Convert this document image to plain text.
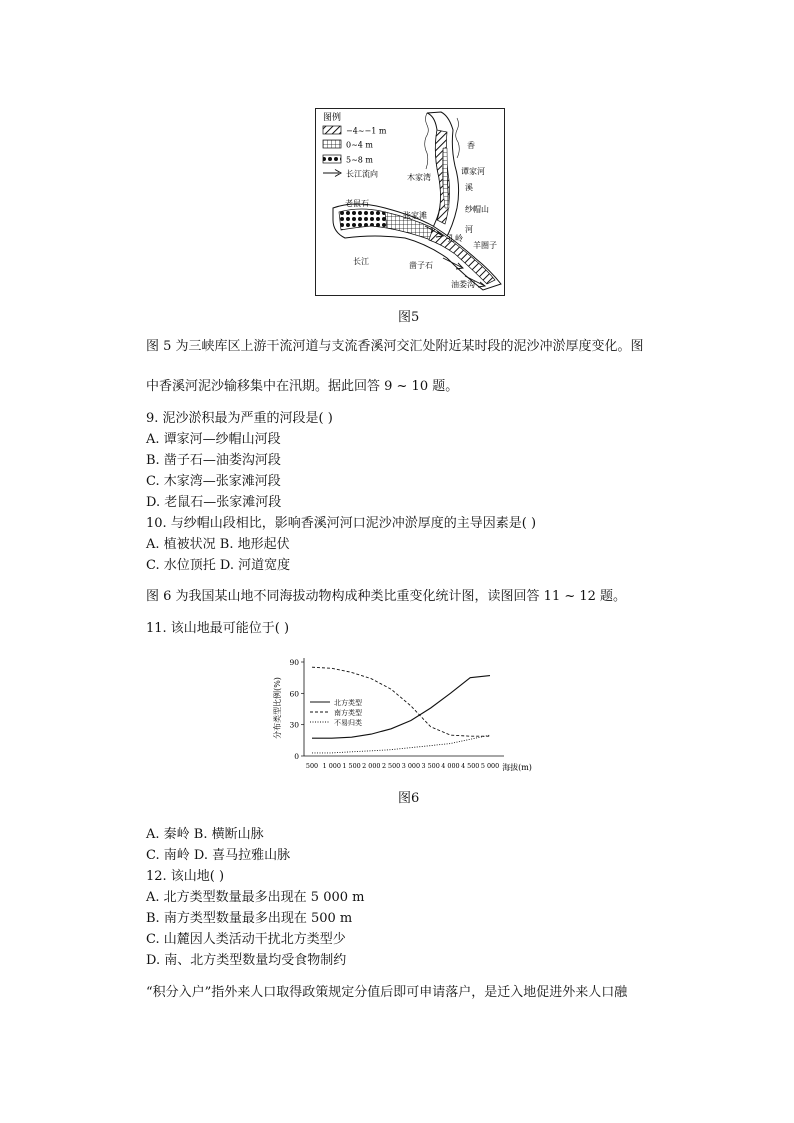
图例
−4~−1 m
0~4 m
5~8 m
长江流向
香
谭家河
溪
木家湾
纱帽山
河
老鼠石
张家滩
孔岭
羊圈子
长江	凿子石
油娄沟
图5
图 5 为三峡库区上游干流河道与支流香溪河交汇处附近某时段的泥沙冲淤厚度变化。图
中香溪河泥沙输移集中在汛期。据此回答 9 ~ 10 题。
9. 泥沙淤积最为严重的河段是( )
A. 谭家河—纱帽山河段
B. 凿子石—油娄沟河段
C. 木家湾—张家滩河段
D. 老鼠石—张家滩河段
10. 与纱帽山段相比，影响香溪河河口泥沙冲淤厚度的主导因素是( )
A. 植被状况 B. 地形起伏
C. 水位顶托 D. 河道宽度
图 6 为我国某山地不同海拔动物构成种类比重变化统计图，读图回答 11 ~ 12 题。
11. 该山地最可能位于( )
分布类型比例(%)
海拔(m)
0
30
60
90
500 1 000 1 500 2 000 2 500 3 000 3 500 4 000 4 500 5 000
北方类型
南方类型
不易归类
图6
A. 秦岭 B. 横断山脉
C. 南岭 D. 喜马拉雅山脉
12. 该山地( )
A. 北方类型数量最多出现在 5 000 m
B. 南方类型数量最多出现在 500 m
C. 山麓因人类活动干扰北方类型少
D. 南、北方类型数量均受食物制约
“积分入户”指外来人口取得政策规定分值后即可申请落户，是迁入地促进外来人口融
